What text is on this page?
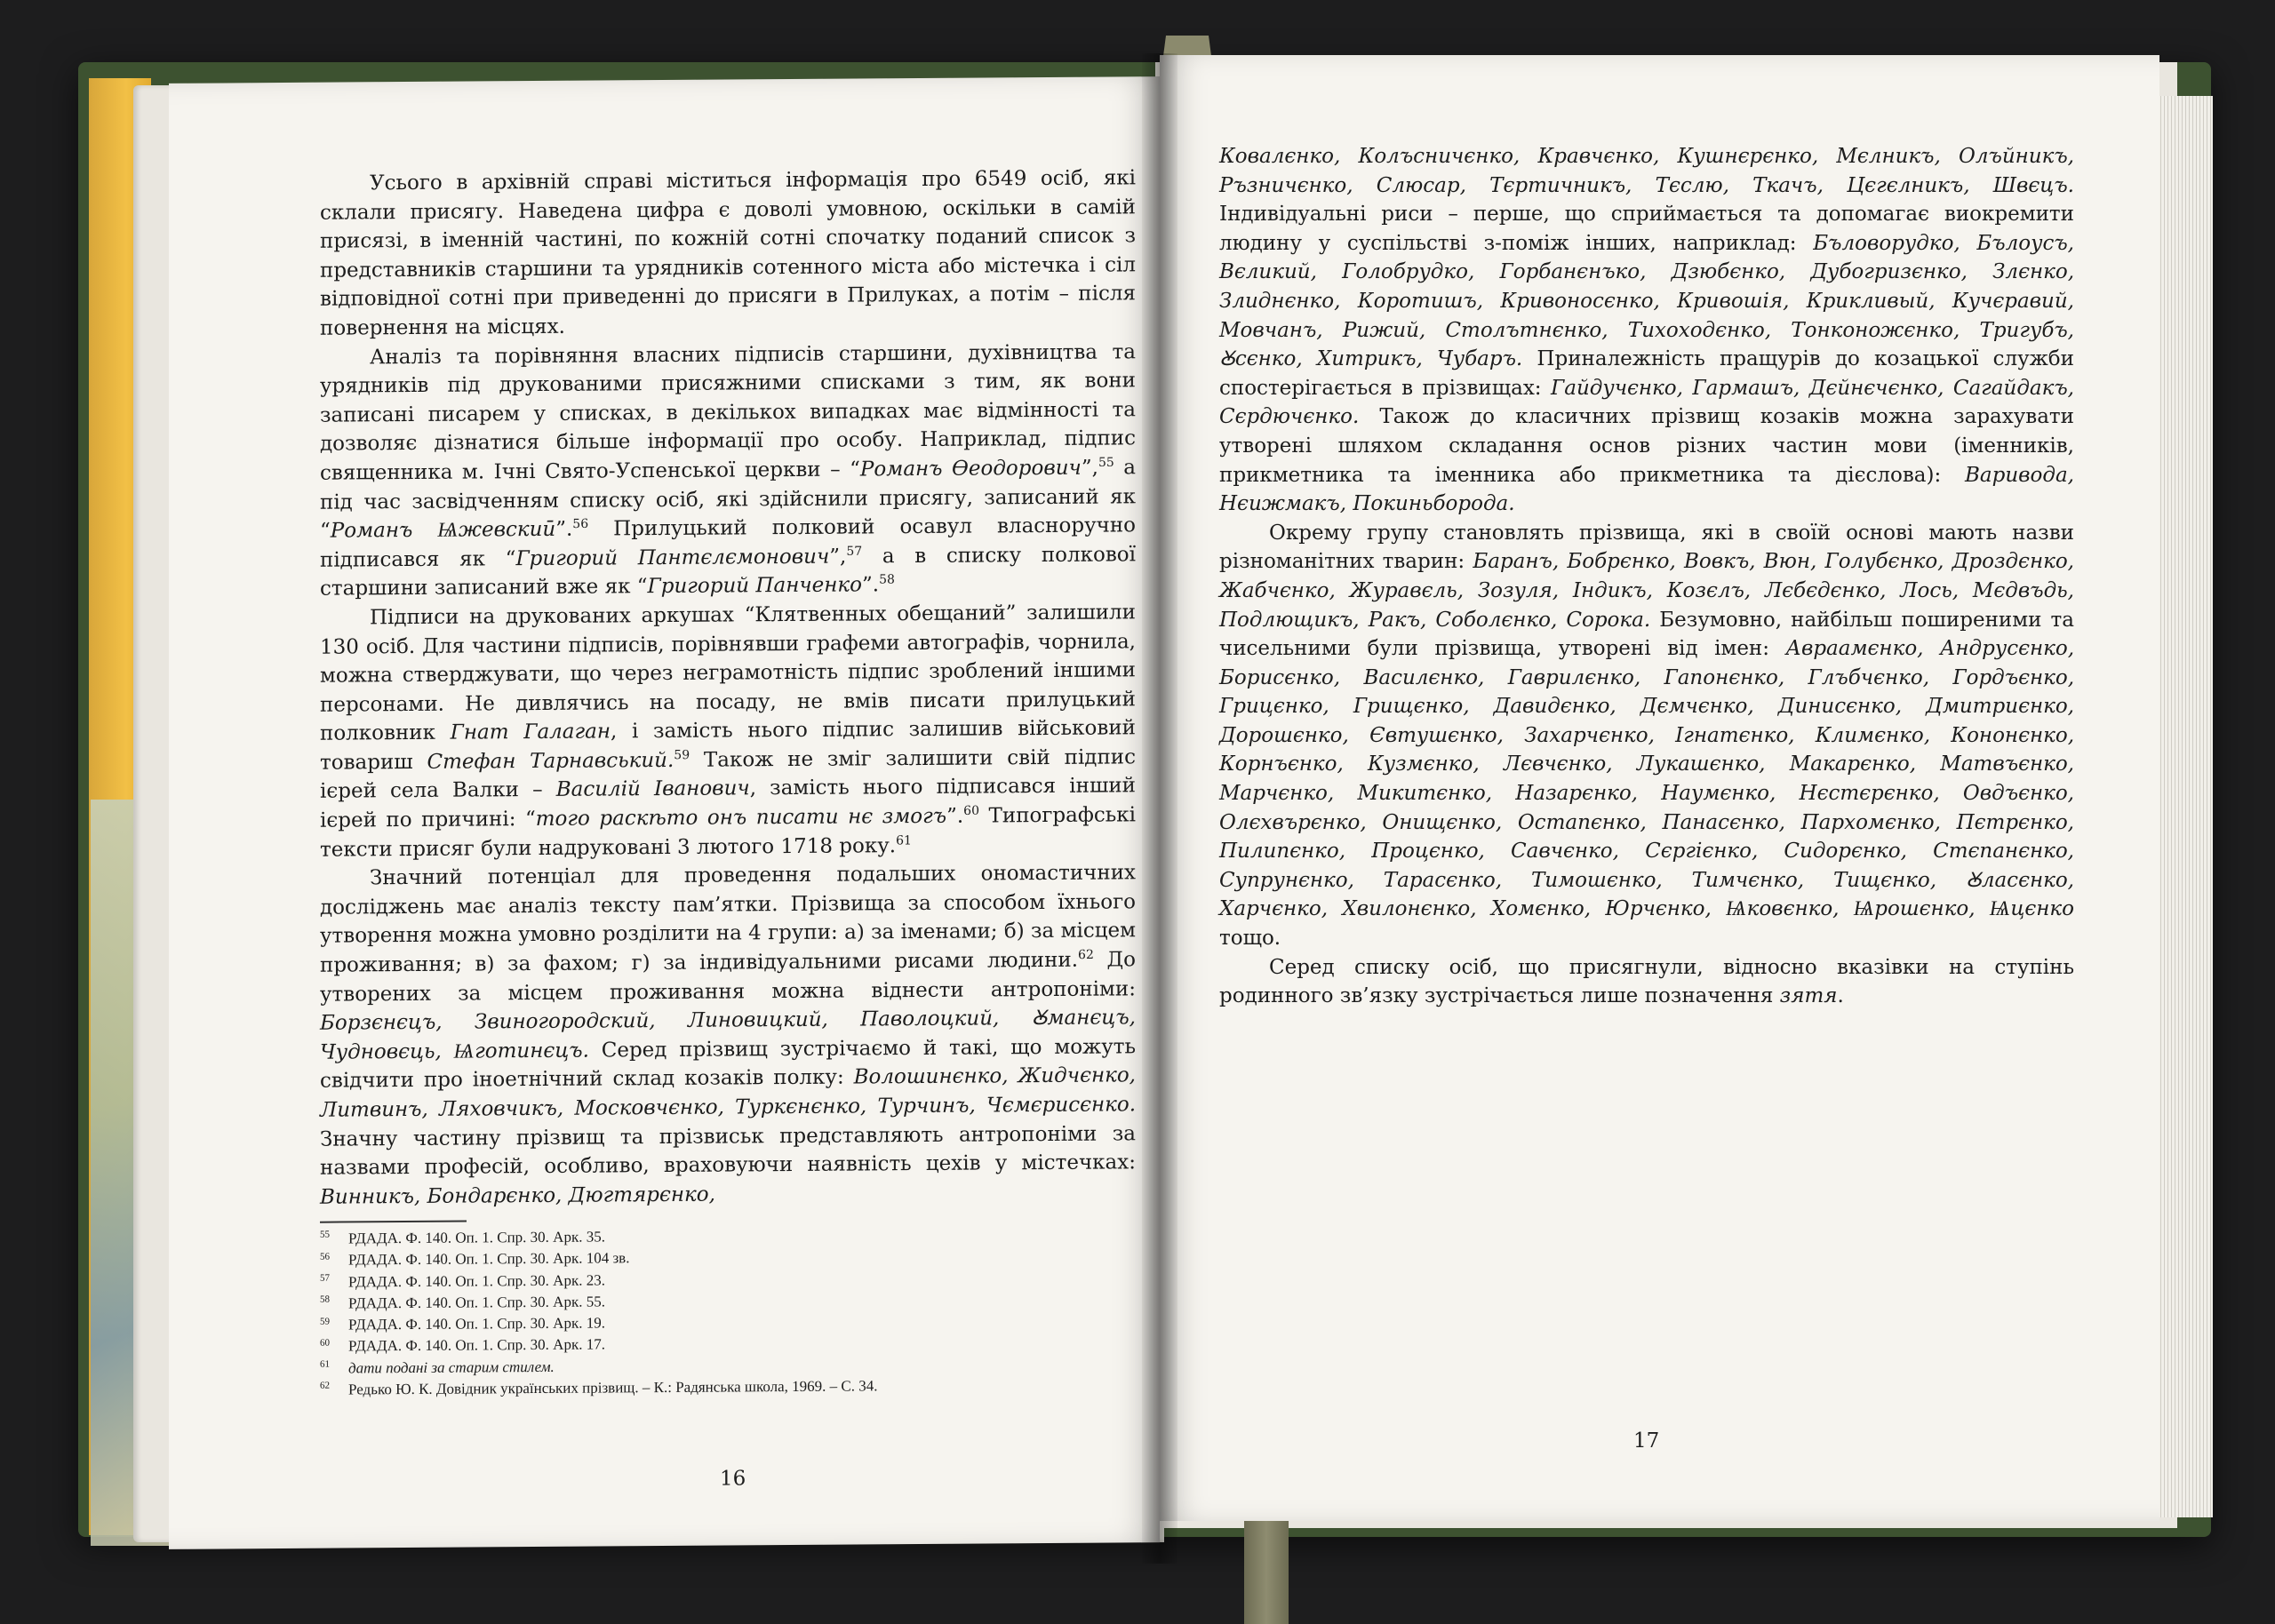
Усього в архівній справі міститься інформація про 6549 осіб, які склали присягу. Наведена цифра є доволі умовною, оскільки в самій присязі, в іменній частині, по кожній сотні спочатку поданий список з представників старшини та урядників сотенного міста або містечка і сіл відповідної сотні при приведенні до присяги в Прилуках, а потім – після повернення на місцях.

Аналіз та порівняння власних підписів старшини, духівництва та урядників під друкованими присяжними списками з тим, як вони записані писарем у списках, в декількох випадках має відмінності та дозволяє дізнатися більше інформації про особу. Наприклад, підпис священника м. Ічні Свято-Успенської церкви – “Романъ Ѳеодорович”,$^{55}$ а під час засвідченням списку осіб, які здійснили присягу, записаний як “Романъ Ѩжевскиӣ”.$^{56}$ Прилуцький полковий осавул власноручно підписався як “Григорий Пантєлємонович”,$^{57}$ а в списку полкової старшини записаний вже як “Григорий Панченко”.$^{58}$

Підписи на друкованих аркушах “Клятвенных обещаний” залишили 130 осіб. Для частини підписів, порівнявши графеми автографів, чорнила, можна стверджувати, що через неграмотність підпис зроблений іншими персонами. Не дивлячись на посаду, не вмів писати прилуцький полковник Гнат Галаган, і замість нього підпис залишив військовий товариш Стефан Тарнавський.$^{59}$ Також не зміг залишити свій підпис ієрей села Валки – Василій Іванович, замість нього підписався інший ієрей по причині: “того раскѣто онъ писати нє змогъ”.$^{60}$ Типографські тексти присяг були надруковані 3 лютого 1718 року.$^{61}$

Значний потенціал для проведення подальших ономастичних досліджень має аналіз тексту пам’ятки. Прізвища за способом їхнього утворення можна умовно розділити на 4 групи: а) за іменами; б) за місцем проживання; в) за фахом; г) за індивідуальними рисами людини.$^{62}$ До утворених за місцем проживання можна віднести антропоніми: Борзєнєцъ, Звиногородский, Линовицкий, Паволоцкий, Ꙋманєцъ, Чудновєць, Ѩготинєцъ. Серед прізвищ зустрічаємо й такі, що можуть свідчити про іноетнічний склад козаків полку: Волошинєнко, Жидчєнко, Литвинъ, Ляховчикъ, Московчєнко, Туркєнєнко, Турчинъ, Чємєрисєнко. Значну частину прізвищ та прізвиськ представляють антропоніми за назвами професій, особливо, враховуючи наявність цехів у містечках: Винникъ, Бондарєнко, Дюгтярєнко,

55 РДАДА. Ф. 140. Оп. 1. Спр. 30. Арк. 35.
56 РДАДА. Ф. 140. Оп. 1. Спр. 30. Арк. 104 зв.
57 РДАДА. Ф. 140. Оп. 1. Спр. 30. Арк. 23.
58 РДАДА. Ф. 140. Оп. 1. Спр. 30. Арк. 55.
59 РДАДА. Ф. 140. Оп. 1. Спр. 30. Арк. 19.
60 РДАДА. Ф. 140. Оп. 1. Спр. 30. Арк. 17.
61 дати подані за старим стилем.
62 Редько Ю. К. Довідник українських прізвищ. – К.: Радянська школа, 1969. – С. 34.
16

Ковалєнко, Колъсничєнко, Кравчєнко, Кушнєрєнко, Мєлникъ, Олъйникъ, Ръзничєнко, Слюсар, Тєртичникъ, Тєслю, Ткачъ, Цєгєлникъ, Швєцъ. Індивідуальні риси – перше, що сприймається та допомагає виокремити людину у суспільстві з-поміж інших, наприклад: Бъловорудко, Бълоусъ, Вєликий, Голобрудко, Горбанєнъко, Дзюбєнко, Дубогризєнко, Злєнко, Злиднєнко, Коротишъ, Кривоносєнко, Кривошія, Крикливый, Кучєравий, Мовчанъ, Рижий, Столътнєнко, Тихоходєнко, Тонконожєнко, Тригубъ, Ꙋсєнко, Хитрикъ, Чубаръ. Приналежність пращурів до козацької служби спостерігається в прізвищах: Гайдучєнко, Гармашъ, Дєйнєчєнко, Сагайдакъ, Сєрдючєнко. Також до класичних прізвищ козаків можна зарахувати утворені шляхом складання основ різних частин мови (іменників, прикметника та іменника або прикметника та дієслова): Варивода, Нєижмакъ, Покиньборода.

Окрему групу становлять прізвища, які в своїй основі мають назви різноманітних тварин: Баранъ, Бобрєнко, Вовкъ, Вюн, Голубєнко, Дроздєнко, Жабчєнко, Журавєль, Зозуля, Індикъ, Козєлъ, Лєбєдєнко, Лось, Мєдвъдь, Подлющикъ, Ракъ, Соболєнко, Сорока. Безумовно, найбільш поширеними та чисельними були прізвища, утворені від імен: Авраамєнко, Андрусєнко, Борисєнко, Василєнко, Гаврилєнко, Гапонєнко, Глъбчєнко, Гордъєнко, Грицєнко, Грищєнко, Давидєнко, Дємчєнко, Динисєнко, Дмитриєнко, Дорошєнко, Євтушєнко, Захарчєнко, Ігнатєнко, Климєнко, Кононєнко, Корнъєнко, Кузмєнко, Лєвчєнко, Лукашєнко, Макарєнко, Матвъєнко, Марчєнко, Микитєнко, Назарєнко, Наумєнко, Нєстєрєнко, Овдъєнко, Олєхвърєнко, Онищєнко, Остапєнко, Панасєнко, Пархомєнко, Пєтрєнко, Пилипєнко, Процєнко, Савчєнко, Сєргієнко, Сидорєнко, Стєпанєнко, Супрунєнко, Тарасєнко, Тимошєнко, Тимчєнко, Тищєнко, Ꙋласєнко, Харчєнко, Хвилонєнко, Хомєнко, Юрчєнко, Ѩковєнко, Ѩрошєнко, Ѩцєнко тощо.

Серед списку осіб, що присягнули, відносно вказівки на ступінь родинного зв’язку зустрічається лише позначення зятя.

17
